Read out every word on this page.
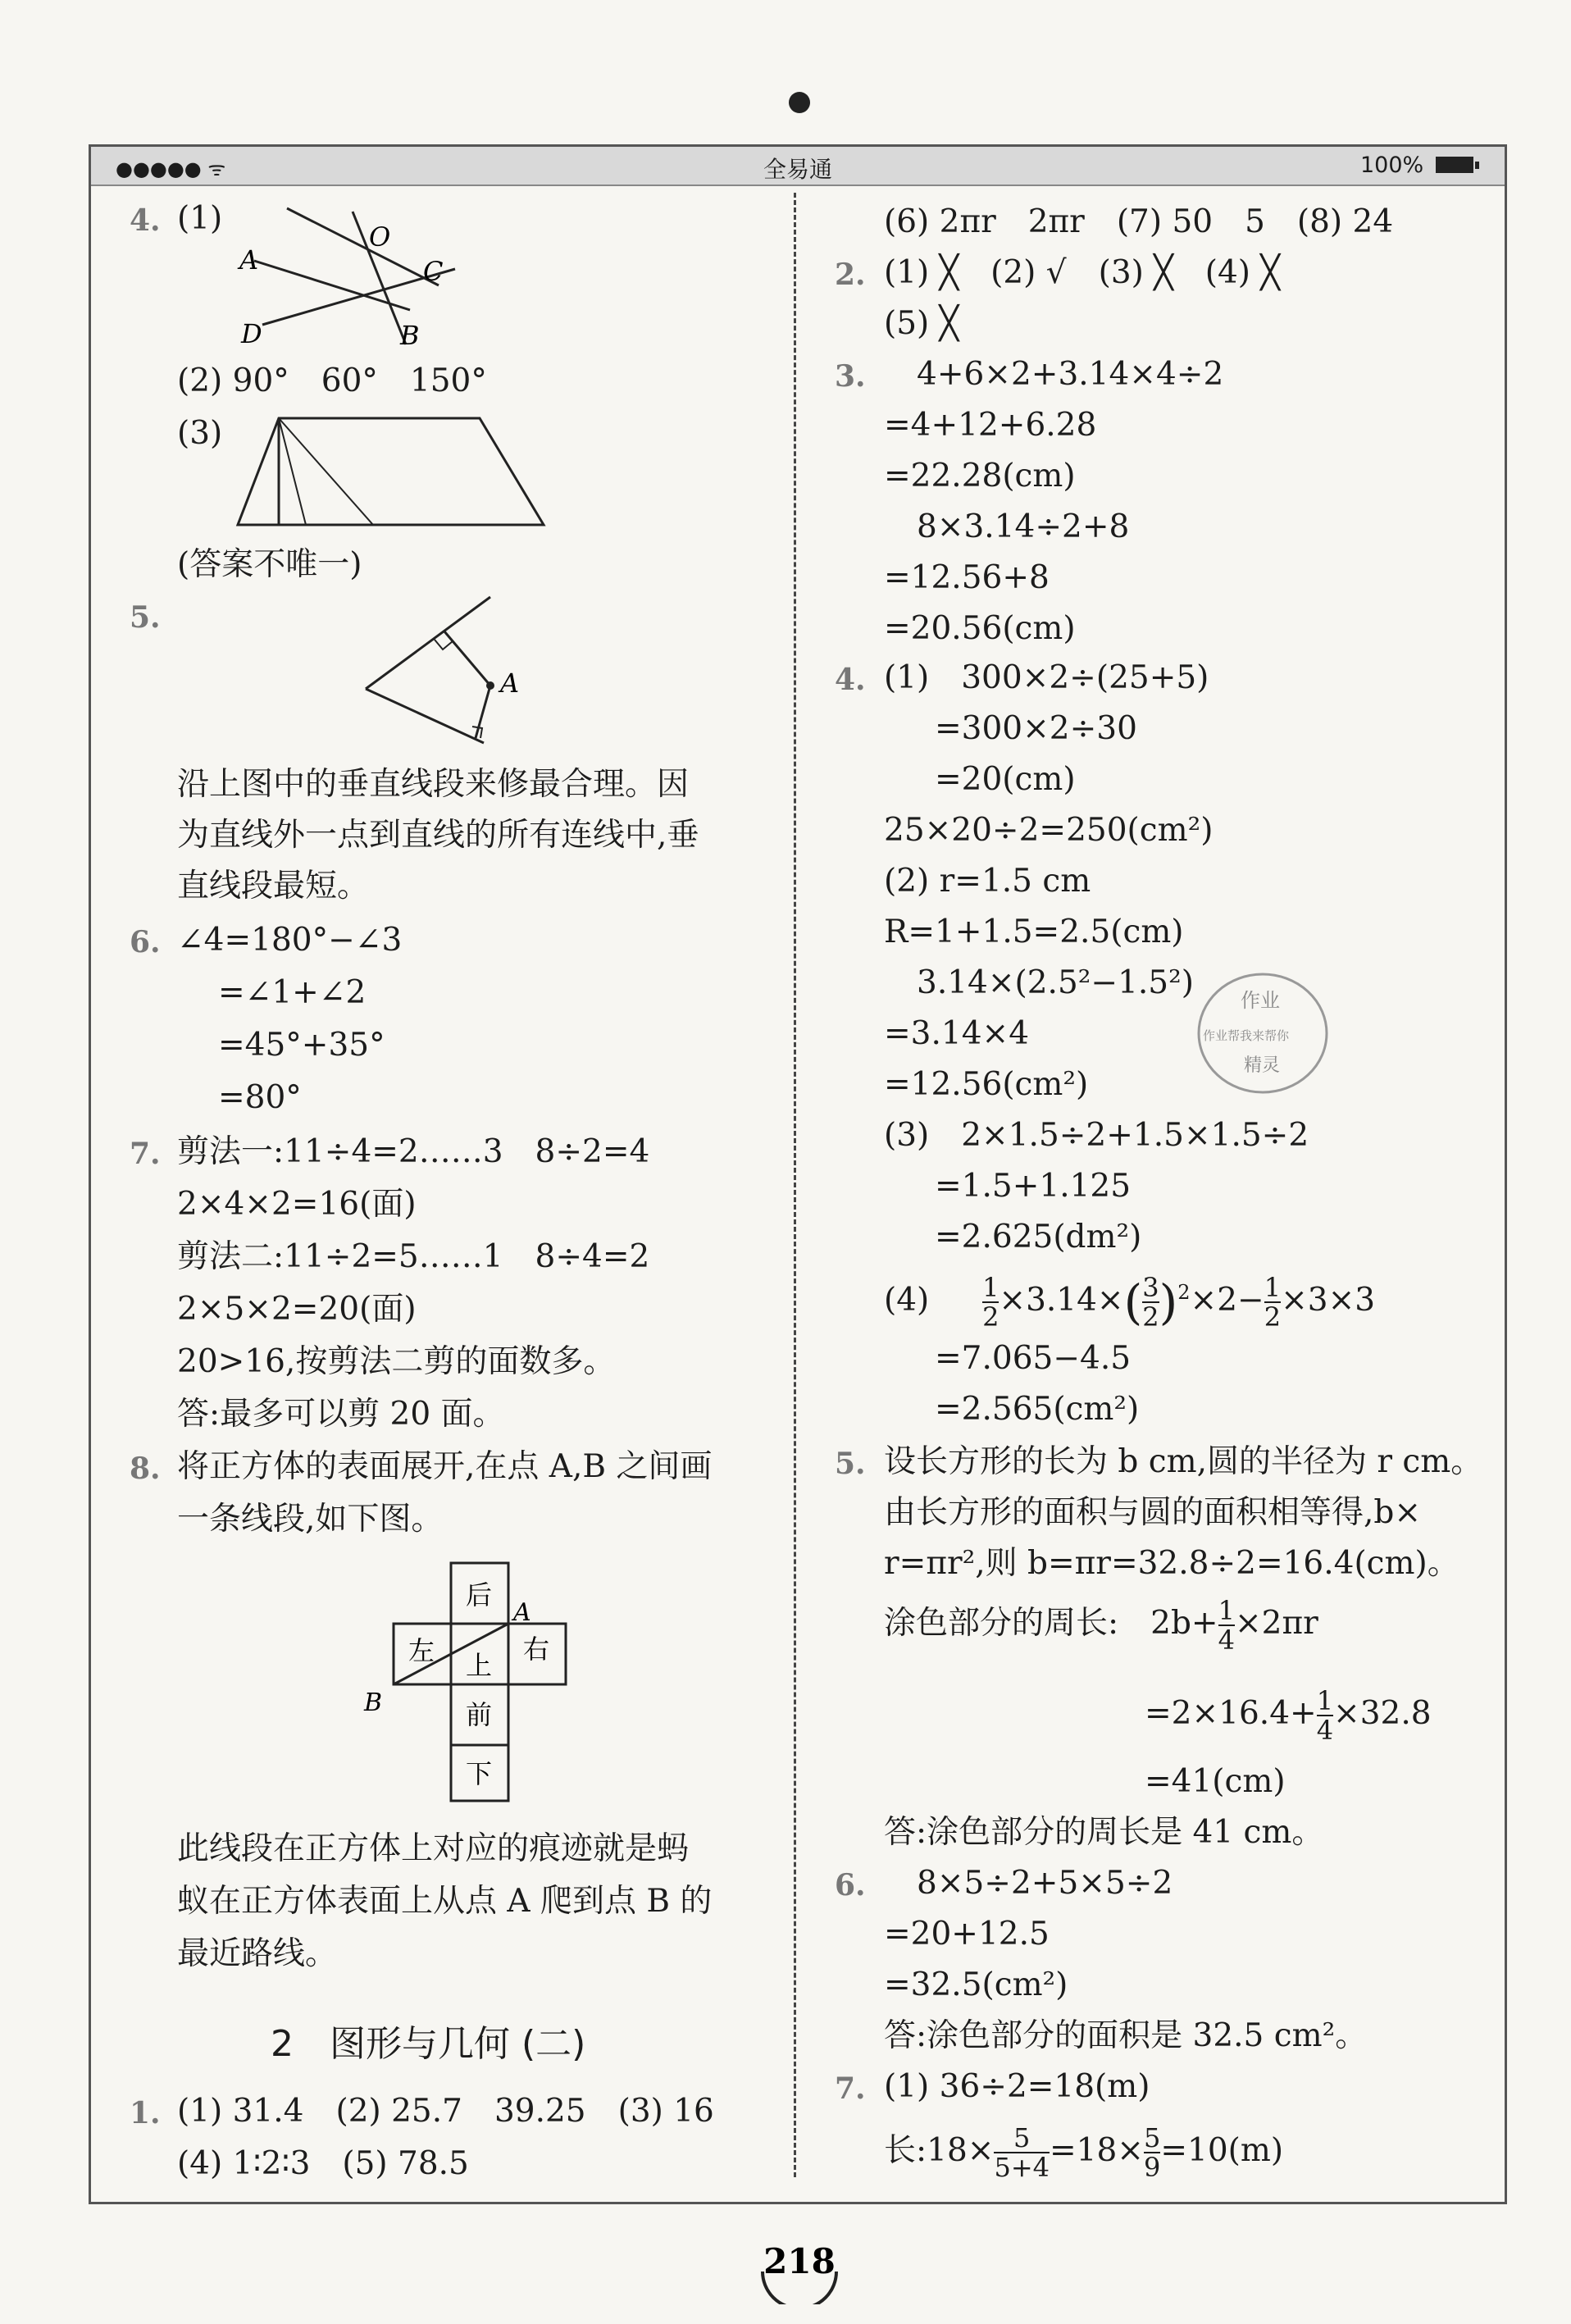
●●●●● ᯤ	全易通	100%
4. (1)
A
O
C
D	B
(2) 90°　60°　150°
(3)
(答案不唯一)
5.
A
沿上图中的垂直线段来修最合理。因
为直线外一点到直线的所有连线中,垂
直线段最短。
6. ∠4=180°−∠3
=∠1+∠2
=45°+35°
=80°
7. 剪法一:11÷4=2……3　8÷2=4
2×4×2=16(面)
剪法二:11÷2=5……1　8÷4=2
2×5×2=20(面)
20>16,按剪法二剪的面数多。
答:最多可以剪 20 面。
8. 将正方体的表面展开,在点 A,B 之间画
一条线段,如下图。
后
左 上
右
前
下
A
B
此线段在正方体上对应的痕迹就是蚂
蚁在正方体表面上从点 A 爬到点 B 的
最近路线。
2　图形与几何 (二)
1. (1) 31.4　(2) 25.7　39.25　(3) 16
(4) 1∶2∶3　(5) 78.5
(6) 2πr　2πr　(7) 50　5　(8) 24
2. (1) ╳　(2) √　(3) ╳　(4) ╳
(5) ╳
3. 4+6×2+3.14×4÷2
=4+12+6.28
=22.28(cm)
8×3.14÷2+8
=12.56+8
=20.56(cm)
4. (1)　300×2÷(25+5)
=300×2÷30
=20(cm)
25×20÷2=250(cm²)
(2) r=1.5 cm
R=1+1.5=2.5(cm)
3.14×(2.5²−1.5²)
=3.14×4
=12.56(cm²)
(3)　2×1.5÷2+1.5×1.5÷2
=1.5+1.125
=2.625(dm²)
$(4) \frac{1}{2} \times 3.14\times( \frac{3}{2} )^2\times 2- \frac{1}{2} \times 3\times 3$
=7.065−4.5
=2.565(cm²)
5. 设长方形的长为 b cm,圆的半径为 r cm。
由长方形的面积与圆的面积相等得,b×
r=πr²,则 b=πr=32.8÷2=16.4(cm)。
涂色部分的周长:　$2b+ \frac{1}{4} \times 2\pi r$
$=2\times 16.4+ \frac{1}{4} \times 32.8$
=41(cm)
答:涂色部分的周长是 41 cm。
6. 8×5÷2+5×5÷2
=20+12.5
=32.5(cm²)
答:涂色部分的面积是 32.5 cm²。
7. (1) 36÷2=18(m)
长:18× $\frac{5}{5+4} =18\times \frac{5}{9} =10(m)$
作业
作业帮我来帮你
精灵
218
